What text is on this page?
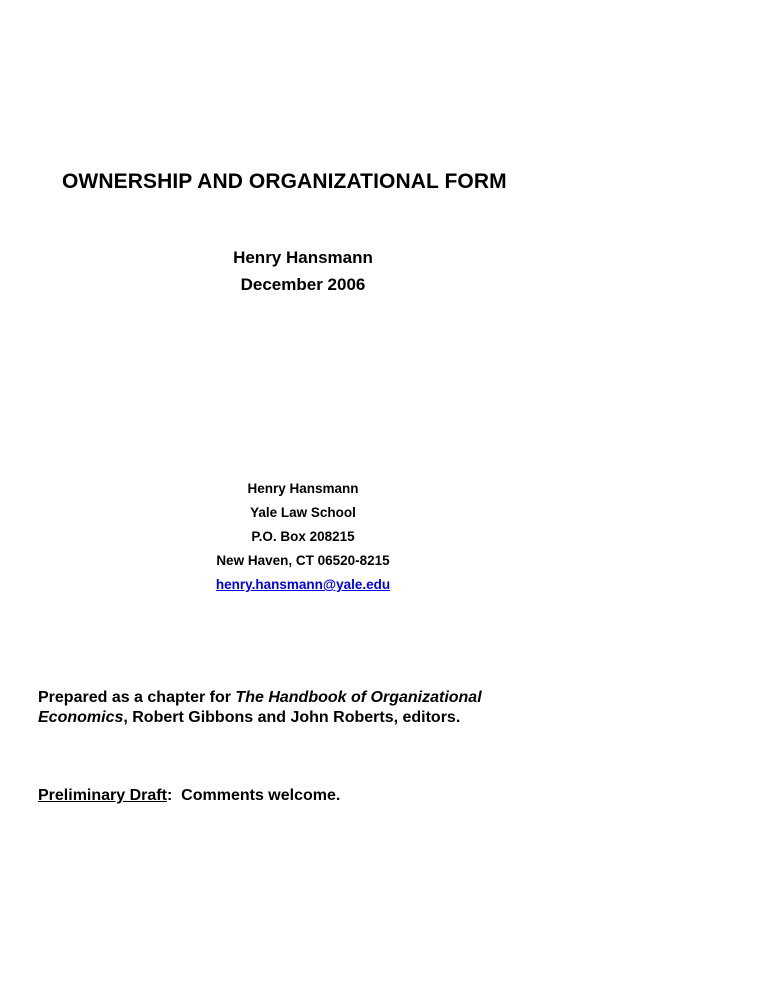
OWNERSHIP AND ORGANIZATIONAL FORM
Henry Hansmann
December 2006
Henry Hansmann
Yale Law School
P.O. Box 208215
New Haven, CT 06520-8215
henry.hansmann@yale.edu
Prepared as a chapter for The Handbook of Organizational
Economics, Robert Gibbons and John Roberts, editors.
Preliminary Draft:  Comments welcome.
